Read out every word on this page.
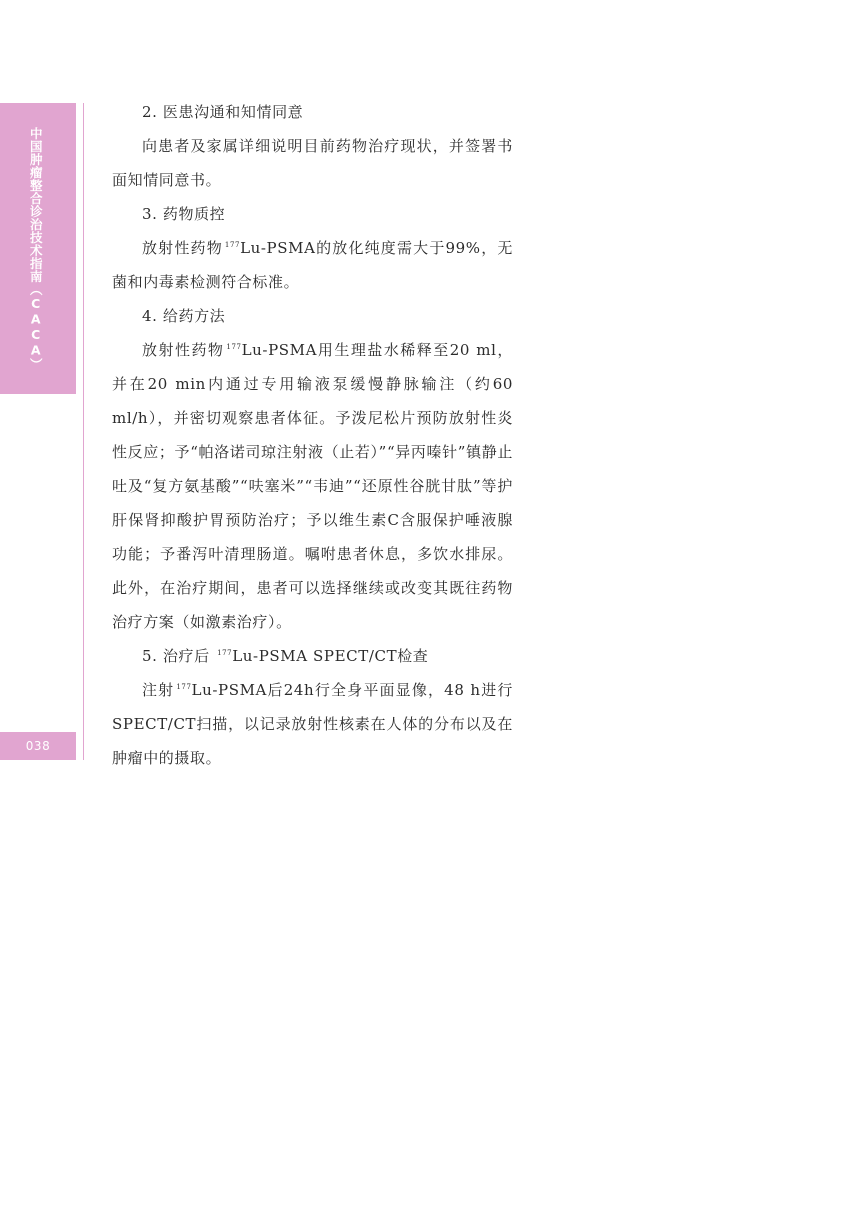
中国肿瘤整合诊治技术指南（CACA）
038

2. 医患沟通和知情同意

向患者及家属详细说明目前药物治疗现状，并签署书面知情同意书。

3. 药物质控

放射性药物 $^{177}$Lu-PSMA的放化纯度需大于99%，无菌和内毒素检测符合标准。

4. 给药方法

放射性药物 $^{177}$Lu-PSMA用生理盐水稀释至20 ml，并在20 min内通过专用输液泵缓慢静脉输注（约60 ml/h），并密切观察患者体征。予泼尼松片预防放射性炎性反应；予“帕洛诺司琼注射液（止若）”“异丙嗪针”镇静止吐及“复方氨基酸”“呋塞米”“韦迪”“还原性谷胱甘肽”等护肝保肾抑酸护胃预防治疗；予以维生素C含服保护唾液腺功能；予番泻叶清理肠道。嘱咐患者休息，多饮水排尿。此外，在治疗期间，患者可以选择继续或改变其既往药物治疗方案（如激素治疗）。

5. 治疗后 $^{177}$Lu-PSMA SPECT/CT检查

注射 $^{177}$Lu-PSMA后24h行全身平面显像，48 h进行SPECT/CT扫描，以记录放射性核素在人体的分布以及在肿瘤中的摄取。
